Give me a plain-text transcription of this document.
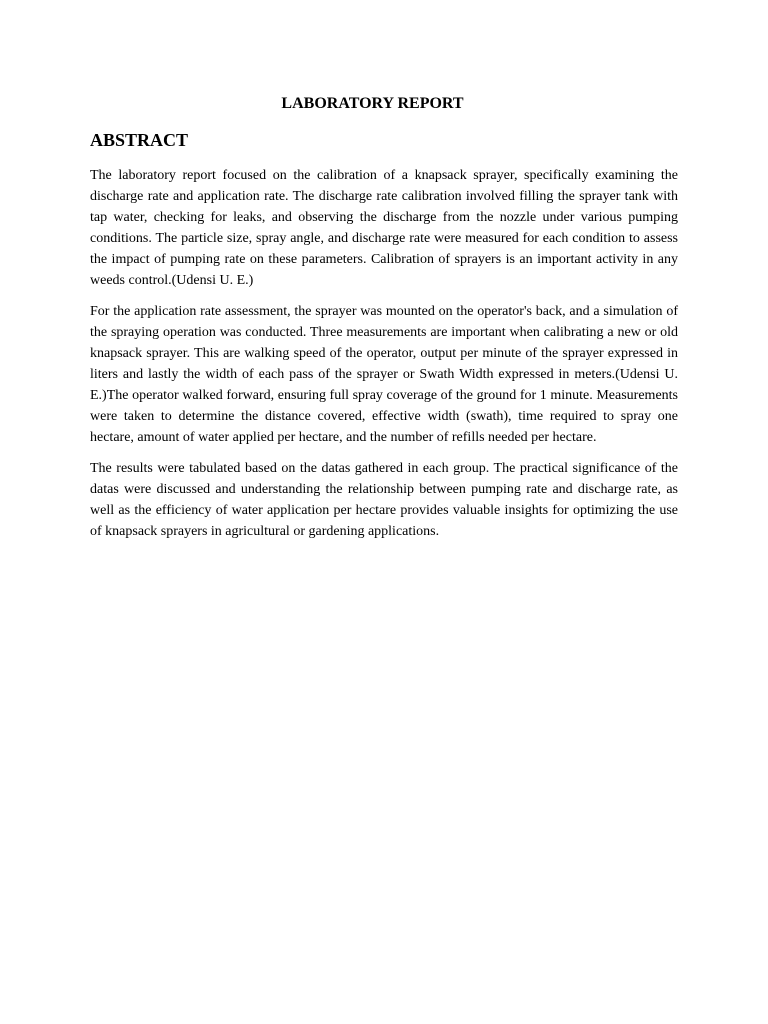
LABORATORY REPORT
ABSTRACT

The laboratory report focused on the calibration of a knapsack sprayer, specifically examining the discharge rate and application rate. The discharge rate calibration involved filling the sprayer tank with tap water, checking for leaks, and observing the discharge from the nozzle under various pumping conditions. The particle size, spray angle, and discharge rate were measured for each condition to assess the impact of pumping rate on these parameters. Calibration of sprayers is an important activity in any weeds control.(Udensi U. E.)

For the application rate assessment, the sprayer was mounted on the operator's back, and a simulation of the spraying operation was conducted. Three measurements are important when calibrating a new or old knapsack sprayer. This are walking speed of the operator, output per minute of the sprayer expressed in liters and lastly the width of each pass of the sprayer or Swath Width expressed in meters.(Udensi U. E.)The operator walked forward, ensuring full spray coverage of the ground for 1 minute. Measurements were taken to determine the distance covered, effective width (swath), time required to spray one hectare, amount of water applied per hectare, and the number of refills needed per hectare.

The results were tabulated based on the datas gathered in each group. The practical significance of the datas were discussed and understanding the relationship between pumping rate and discharge rate, as well as the efficiency of water application per hectare provides valuable insights for optimizing the use of knapsack sprayers in agricultural or gardening applications.
